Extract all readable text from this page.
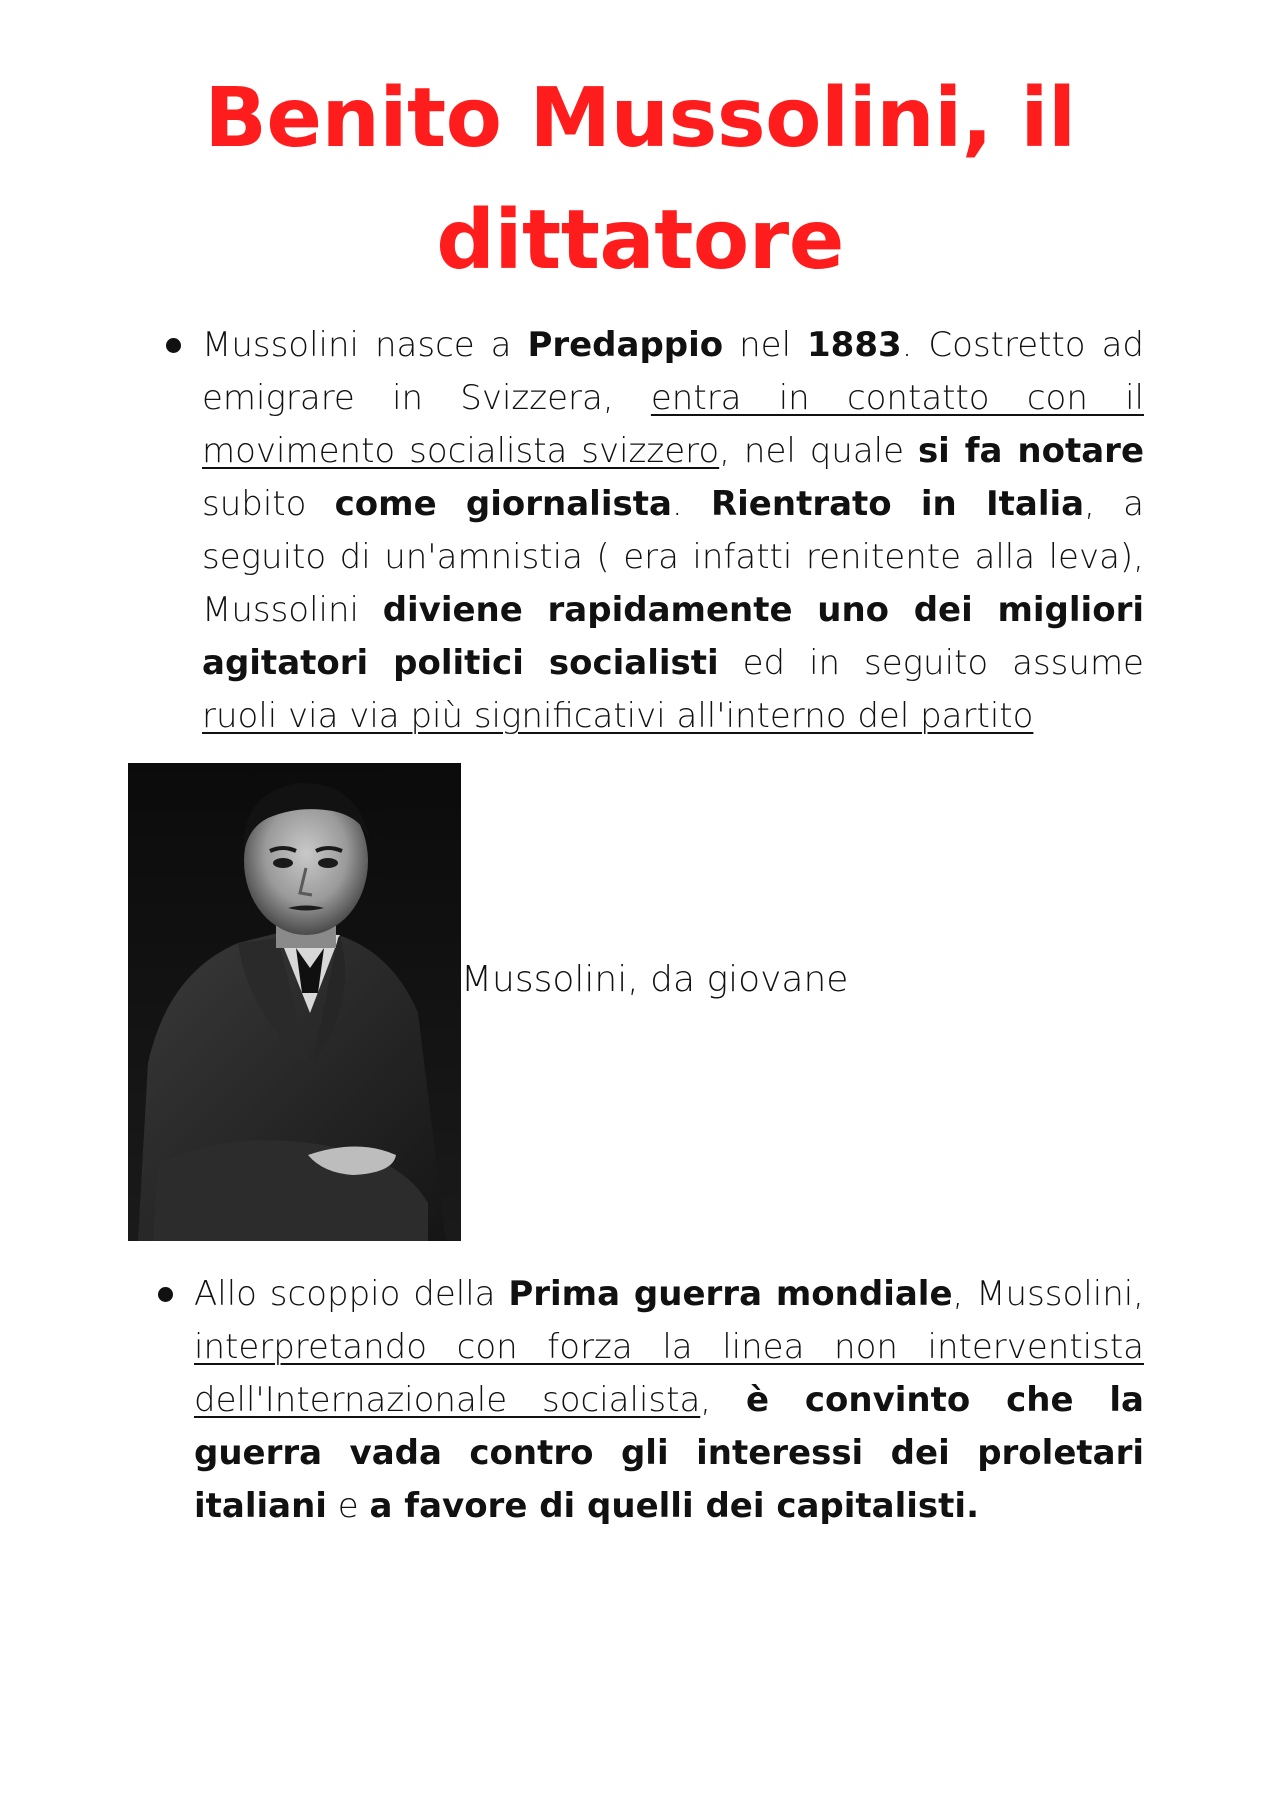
Benito Mussolini, il
dittatore

Mussolini nasce a Predappio nel 1883. Costretto ad emigrare in Svizzera, entra in contatto con il movimento socialista svizzero, nel quale si fa notare subito come giornalista. Rientrato in Italia, a seguito di un'amnistia ( era infatti renitente alla leva), Mussolini diviene rapidamente uno dei migliori agitatori politici socialisti ed in seguito assume ruoli via via più significativi all'interno del partito

Mussolini, da giovane

Allo scoppio della Prima guerra mondiale, Mussolini, interpretando con forza la linea non interventista dell'Internazionale socialista, è convinto che la guerra vada contro gli interessi dei proletari italiani e a favore di quelli dei capitalisti.
